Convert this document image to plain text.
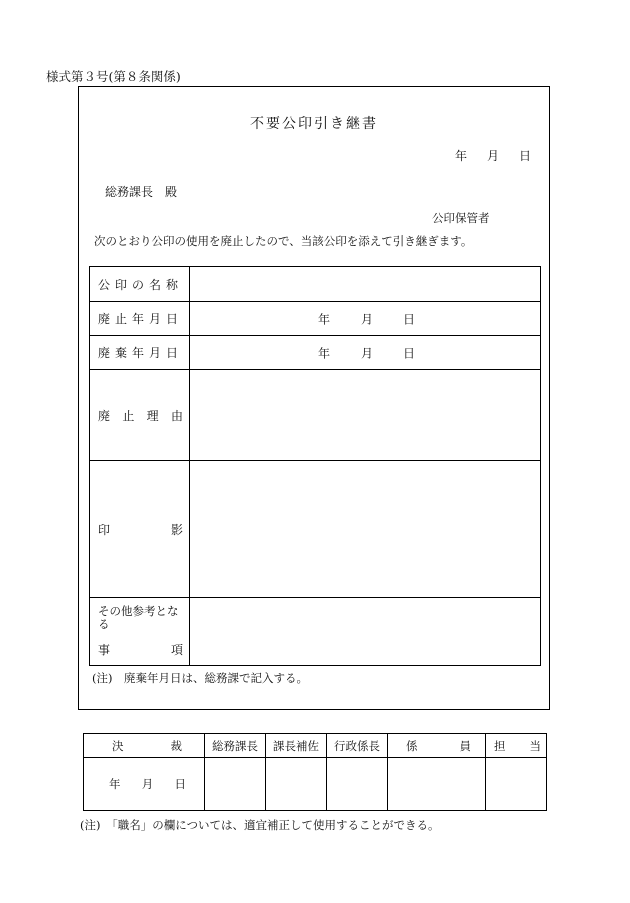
様式第３号(第８条関係)
不要公印引き継書
年 月 日
総務課長　殿
公印保管者
次のとおり公印の使用を廃止したので、当該公印を添えて引き継ぎます。
公印の名称	
廃止年月日	年 月 日

廃棄年月日	年 月 日

廃 止 理 由	

印 影	

その他参考となる
事 項	

(注)　廃棄年月日は、総務課で記入する。
決 裁	総務課長	課長補佐	行政係長	係 員	担 当

年 月 日					

(注)　「職名」の欄については、適宜補正して使用することができる。
